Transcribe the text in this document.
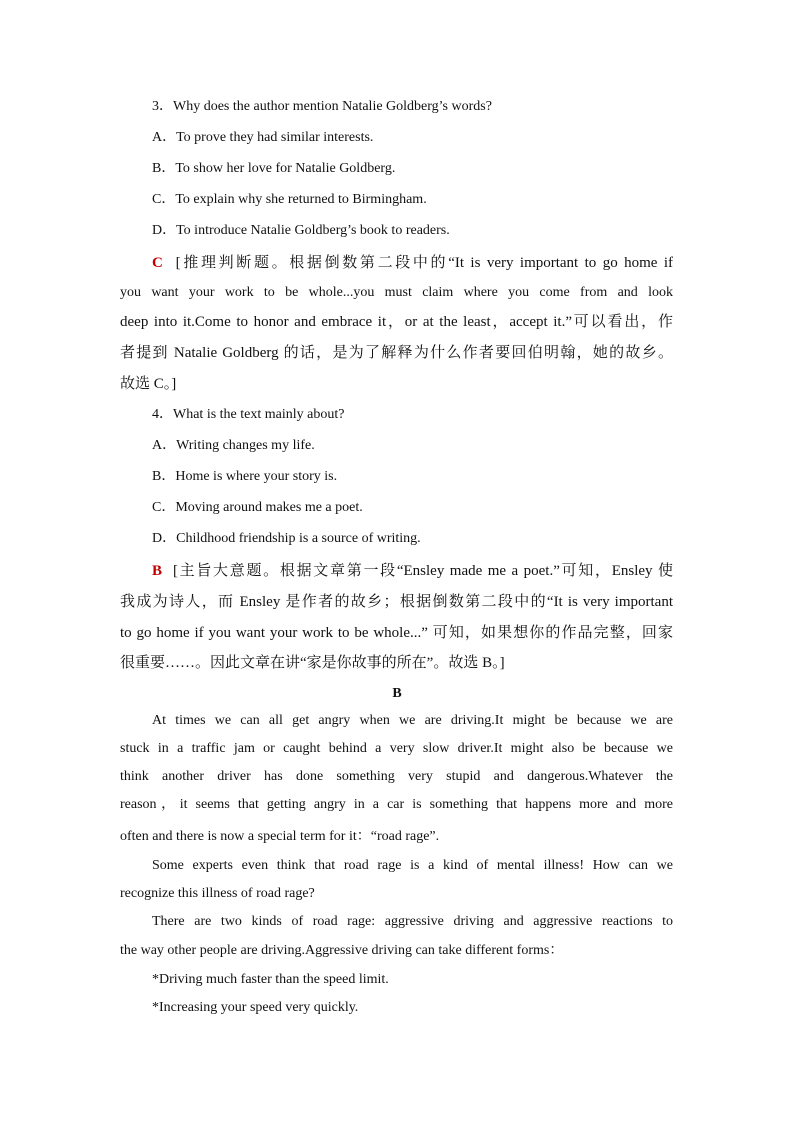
3．Why does the author mention Natalie Goldberg’s words?
A．To prove they had similar interests.
B．To show her love for Natalie Goldberg.
C．To explain why she returned to Birmingham.
D．To introduce Natalie Goldberg’s book to readers.
C [推理判断题。根据倒数第二段中的“It is very important to go home if
you want your work to be whole...you must claim where you come from and look
deep into it.Come to honor and embrace it，or at the least，accept it.”可以看出，作
者提到 Natalie Goldberg 的话，是为了解释为什么作者要回伯明翰，她的故乡。
故选 C。]
4．What is the text mainly about?
A．Writing changes my life.
B．Home is where your story is.
C．Moving around makes me a poet.
D．Childhood friendship is a source of writing.
B [主旨大意题。根据文章第一段“Ensley made me a poet.”可知，Ensley 使
我成为诗人，而 Ensley 是作者的故乡；根据倒数第二段中的“It is very important
to go home if you want your work to be whole...” 可知，如果想你的作品完整，回家
很重要……。因此文章在讲“家是你故事的所在”。故选 B。]
B
At times we can all get angry when we are driving.It might be because we are
stuck in a traffic jam or caught behind a very slow driver.It might also be because we
think another driver has done something very stupid and dangerous.Whatever the
reason，it seems that getting angry in a car is something that happens more and more
often and there is now a special term for it：“road rage”.
Some experts even think that road rage is a kind of mental illness! How can we
recognize this illness of road rage?
There are two kinds of road rage: aggressive driving and aggressive reactions to
the way other people are driving.Aggressive driving can take different forms：
*Driving much faster than the speed limit.
*Increasing your speed very quickly.
